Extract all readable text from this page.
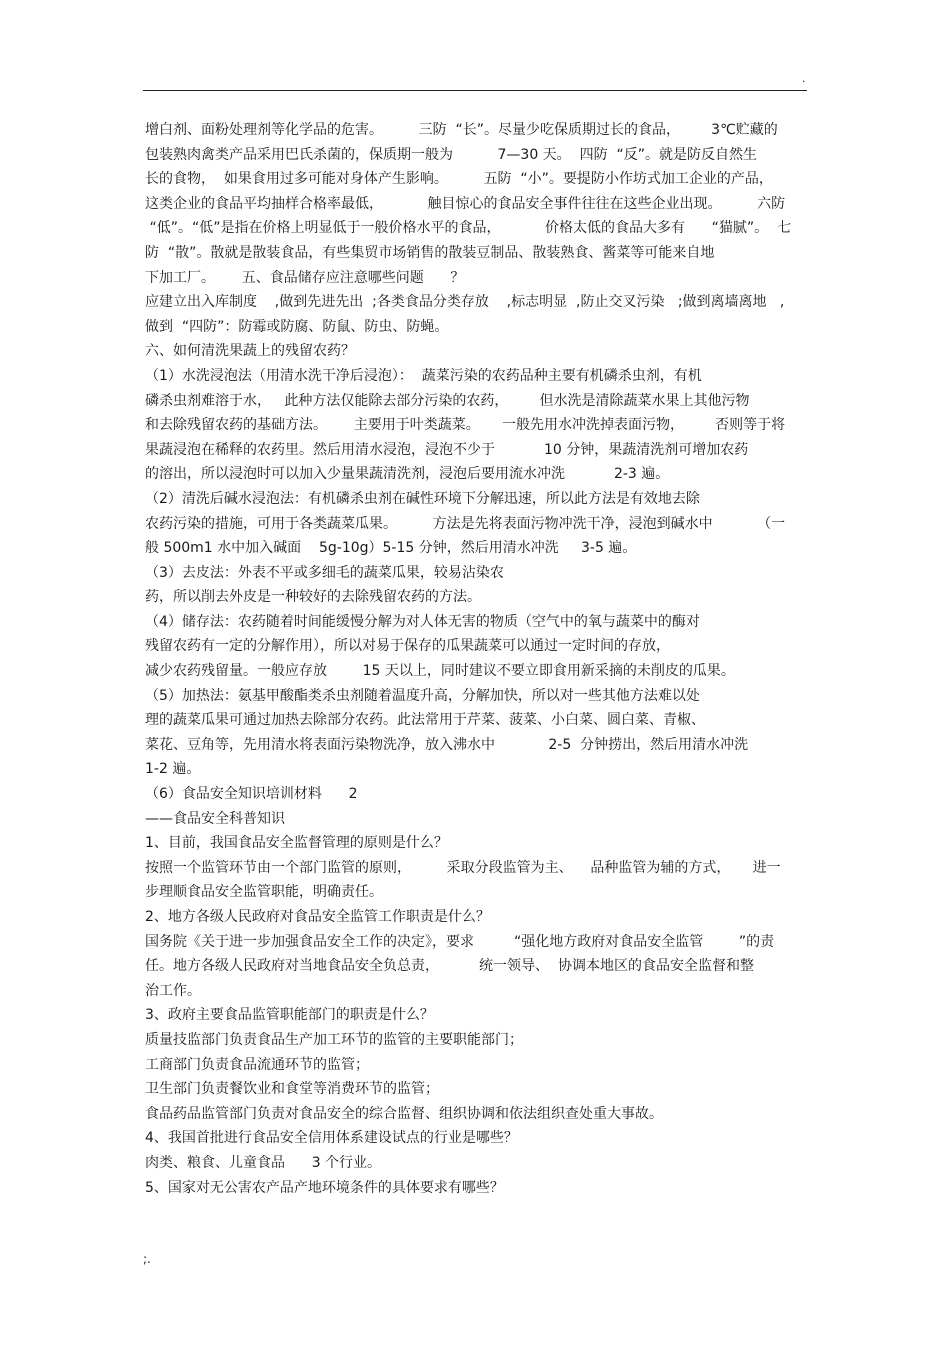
.
增白剂、面粉处理剂等化学品的危害。        三防  “长”。尽量少吃保质期过长的食品，       3℃贮藏的
包装熟肉禽类产品采用巴氏杀菌的，保质期一般为          7—30 天。  四防  “反”。就是防反自然生
长的食物，  如果食用过多可能对身体产生影响。        五防  “小”。要提防小作坊式加工企业的产品，
这类企业的食品平均抽样合格率最低，          触目惊心的食品安全事件往往在这些企业出现。        六防
“低”。“低”是指在价格上明显低于一般价格水平的食品，          价格太低的食品大多有      “猫腻”。  七
防  “散”。散就是散装食品，有些集贸市场销售的散装豆制品、散装熟食、酱菜等可能来自地
下加工厂。      五、食品储存应注意哪些问题      ？
应建立出入库制度    ,做到先进先出  ;各类食品分类存放    ,标志明显  ,防止交叉污染   ;做到离墙离地   ,
做到  “四防”：防霉或防腐、防鼠、防虫、防蝇。
六、如何清洗果蔬上的残留农药？
（1）水洗浸泡法（用清水洗干净后浸泡）：  蔬菜污染的农药品种主要有机磷杀虫剂，有机
磷杀虫剂难溶于水，   此种方法仅能除去部分污染的农药，       但水洗是清除蔬菜水果上其他污物
和去除残留农药的基础方法。      主要用于叶类蔬菜。     一般先用水冲洗掉表面污物，       否则等于将
果蔬浸泡在稀释的农药里。然后用清水浸泡，浸泡不少于           10 分钟，果蔬清洗剂可增加农药
的溶出，所以浸泡时可以加入少量果蔬清洗剂，浸泡后要用流水冲洗           2-3 遍。
（2）清洗后碱水浸泡法：有机磷杀虫剂在碱性环境下分解迅速，所以此方法是有效地去除
农药污染的措施，可用于各类蔬菜瓜果。        方法是先将表面污物冲洗干净，浸泡到碱水中          （一
般 500m1 水中加入碱面    5g-10g）5-15 分钟，然后用清水冲洗     3-5 遍。
（3）去皮法：外表不平或多细毛的蔬菜瓜果，较易沾染农
药，所以削去外皮是一种较好的去除残留农药的方法。
（4）储存法：农药随着时间能缓慢分解为对人体无害的物质（空气中的氧与蔬菜中的酶对
残留农药有一定的分解作用），所以对易于保存的瓜果蔬菜可以通过一定时间的存放，
减少农药残留量。一般应存放        15 天以上，同时建议不要立即食用新采摘的未削皮的瓜果。
（5）加热法：氨基甲酸酯类杀虫剂随着温度升高，分解加快，所以对一些其他方法难以处
理的蔬菜瓜果可通过加热去除部分农药。此法常用于芹菜、菠菜、小白菜、圆白菜、青椒、
菜花、豆角等，先用清水将表面污染物洗净，放入沸水中            2-5  分钟捞出，然后用清水冲洗
1-2 遍。
（6）食品安全知识培训材料      2
——食品安全科普知识
1、目前，我国食品安全监督管理的原则是什么？
按照一个监管环节由一个部门监管的原则，        采取分段监管为主、    品种监管为辅的方式，     进一
步理顺食品安全监管职能，明确责任。
2、地方各级人民政府对食品安全监管工作职责是什么？
国务院《关于进一步加强食品安全工作的决定》，要求         “强化地方政府对食品安全监管        ”的责
任。地方各级人民政府对当地食品安全负总责，         统一领导、  协调本地区的食品安全监督和整
治工作。
3、政府主要食品监管职能部门的职责是什么？
质量技监部门负责食品生产加工环节的监管的主要职能部门；
工商部门负责食品流通环节的监管；
卫生部门负责餐饮业和食堂等消费环节的监管；
食品药品监管部门负责对食品安全的综合监督、组织协调和依法组织查处重大事故。
4、我国首批进行食品安全信用体系建设试点的行业是哪些？
肉类、粮食、儿童食品      3 个行业。
5、国家对无公害农产品产地环境条件的具体要求有哪些？
;.
